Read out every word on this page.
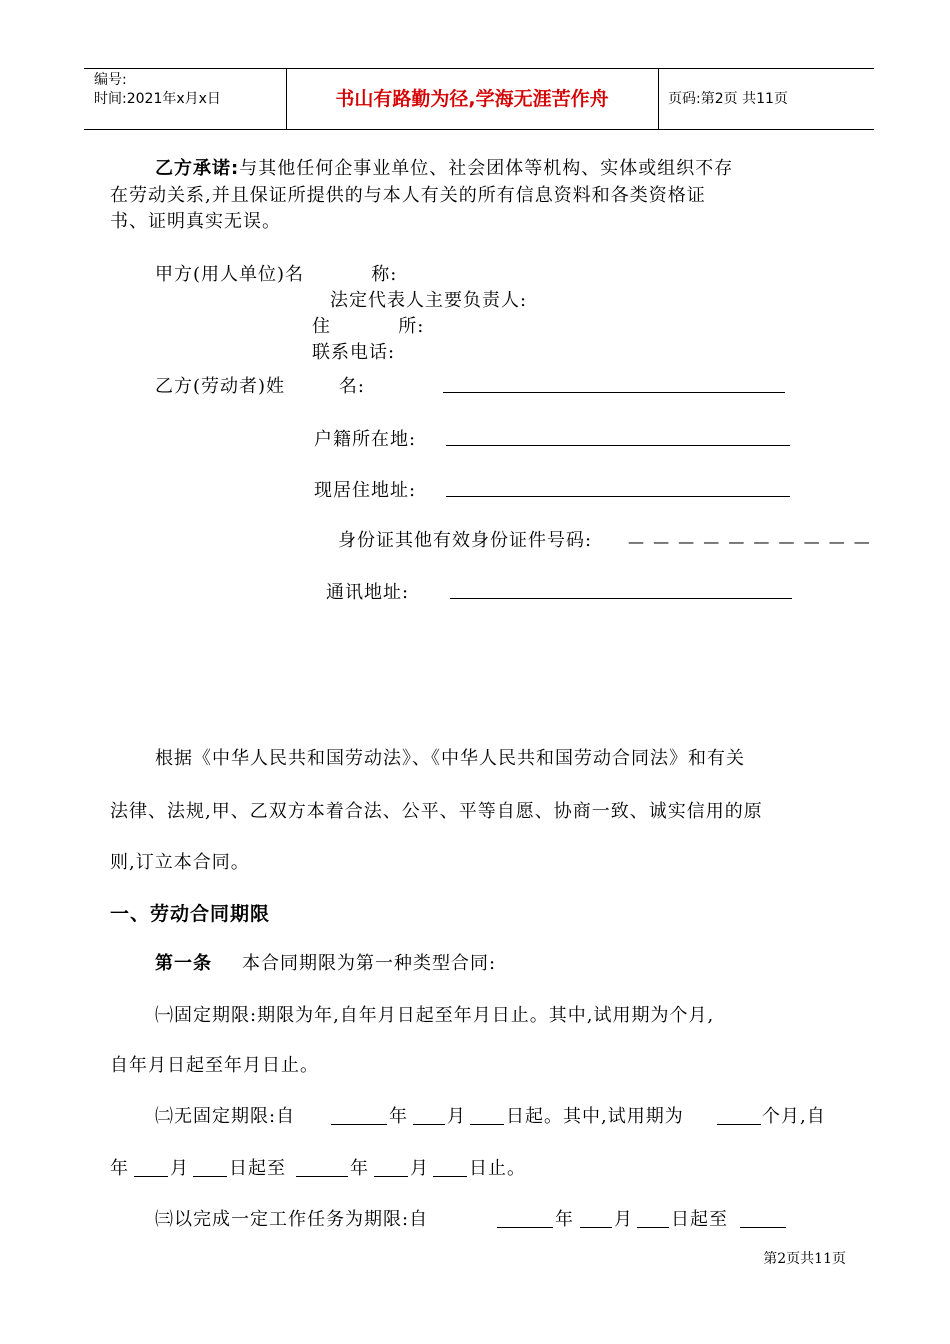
编号:
时间:2021年x月x日	书山有路勤为径,学海无涯苦作舟	页码:第2页 共11页
乙方承诺:与其他任何企事业单位、社会团体等机构、实体或组织不存
在劳动关系,并且保证所提供的与本人有关的所有信息资料和各类资格证
书、证明真实无误。
甲方(用人单位)名          称:
法定代表人主要负责人:
住          所:
联系电话:
乙方(劳动者)姓        名:
户籍所在地:
现居住地址:
身份证其他有效身份证件号码: — — — — — — — — — —
通讯地址:
根据《中华人民共和国劳动法》、《中华人民共和国劳动合同法》和有关
法律、法规,甲、乙双方本着合法、公平、平等自愿、协商一致、诚实信用的原
则,订立本合同。
一、劳动合同期限
第一条 本合同期限为第一种类型合同:
㈠固定期限:期限为年,自年月日起至年月日止。其中,试用期为个月,
自年月日起至年月日止。
㈡无固定期限:自	年 月 日起。其中,试用期为	个月,自
年 月 日起至	年 月 日止。
㈢以完成一定工作任务为期限:自	年 月 日起至
第2页共11页
